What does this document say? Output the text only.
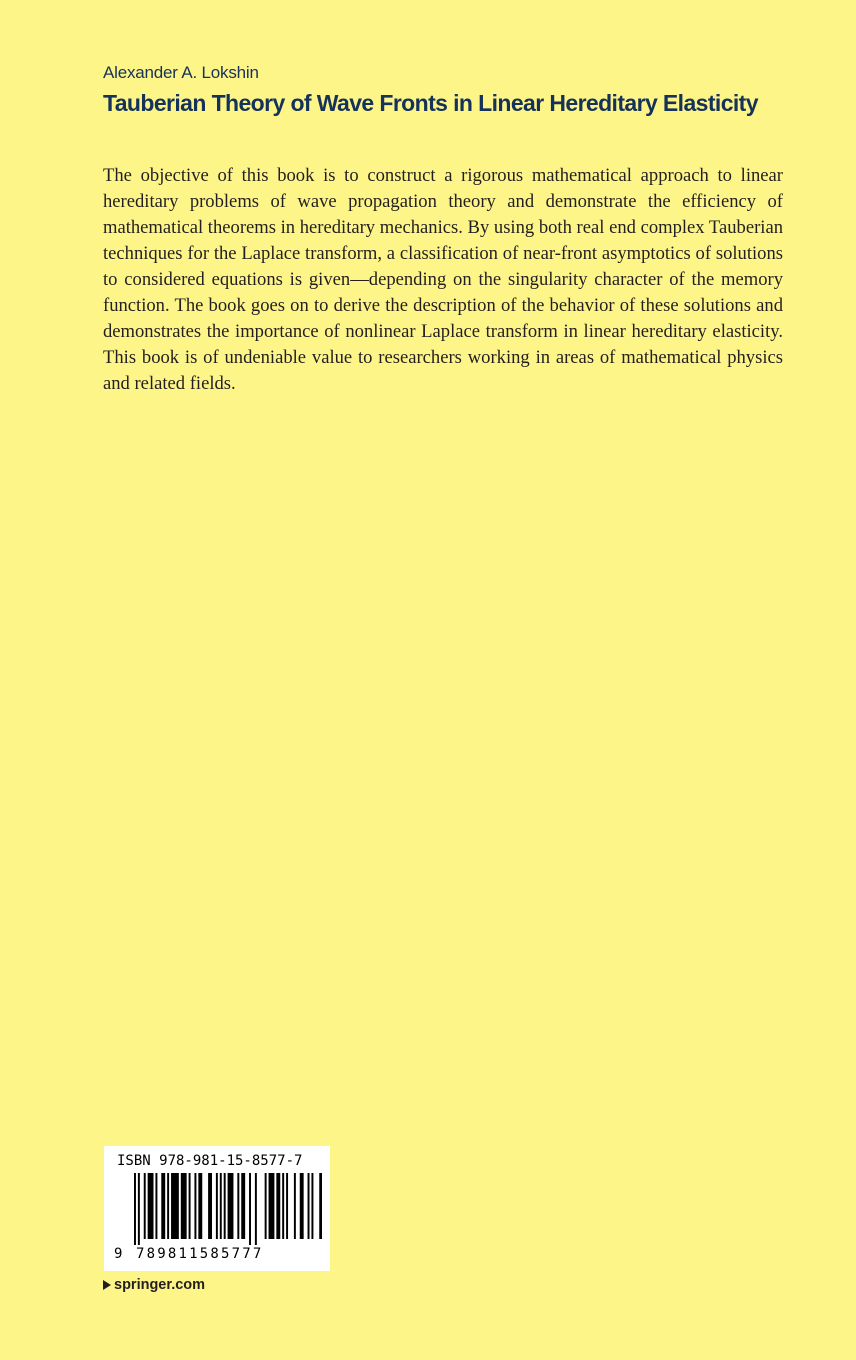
Alexander A. Lokshin
Tauberian Theory of Wave Fronts in Linear Hereditary Elasticity

The objective of this book is to construct a rigorous mathematical approach to linear hereditary problems of wave propagation theory and demonstrate the efficiency of mathematical theorems in hereditary mechanics. By using both real end complex Tauberian techniques for the Laplace transform, a classification of near-front asymptotics of solutions to considered equations is given—depending on the singularity character of the memory function. The book goes on to derive the description of the behavior of these solutions and demonstrates the importance of nonlinear Laplace transform in linear hereditary elasticity. This book is of undeniable value to researchers working in areas of mathematical physics and related fields.

ISBN 978-981-15-8577-7
9 789811585777
springer.com
